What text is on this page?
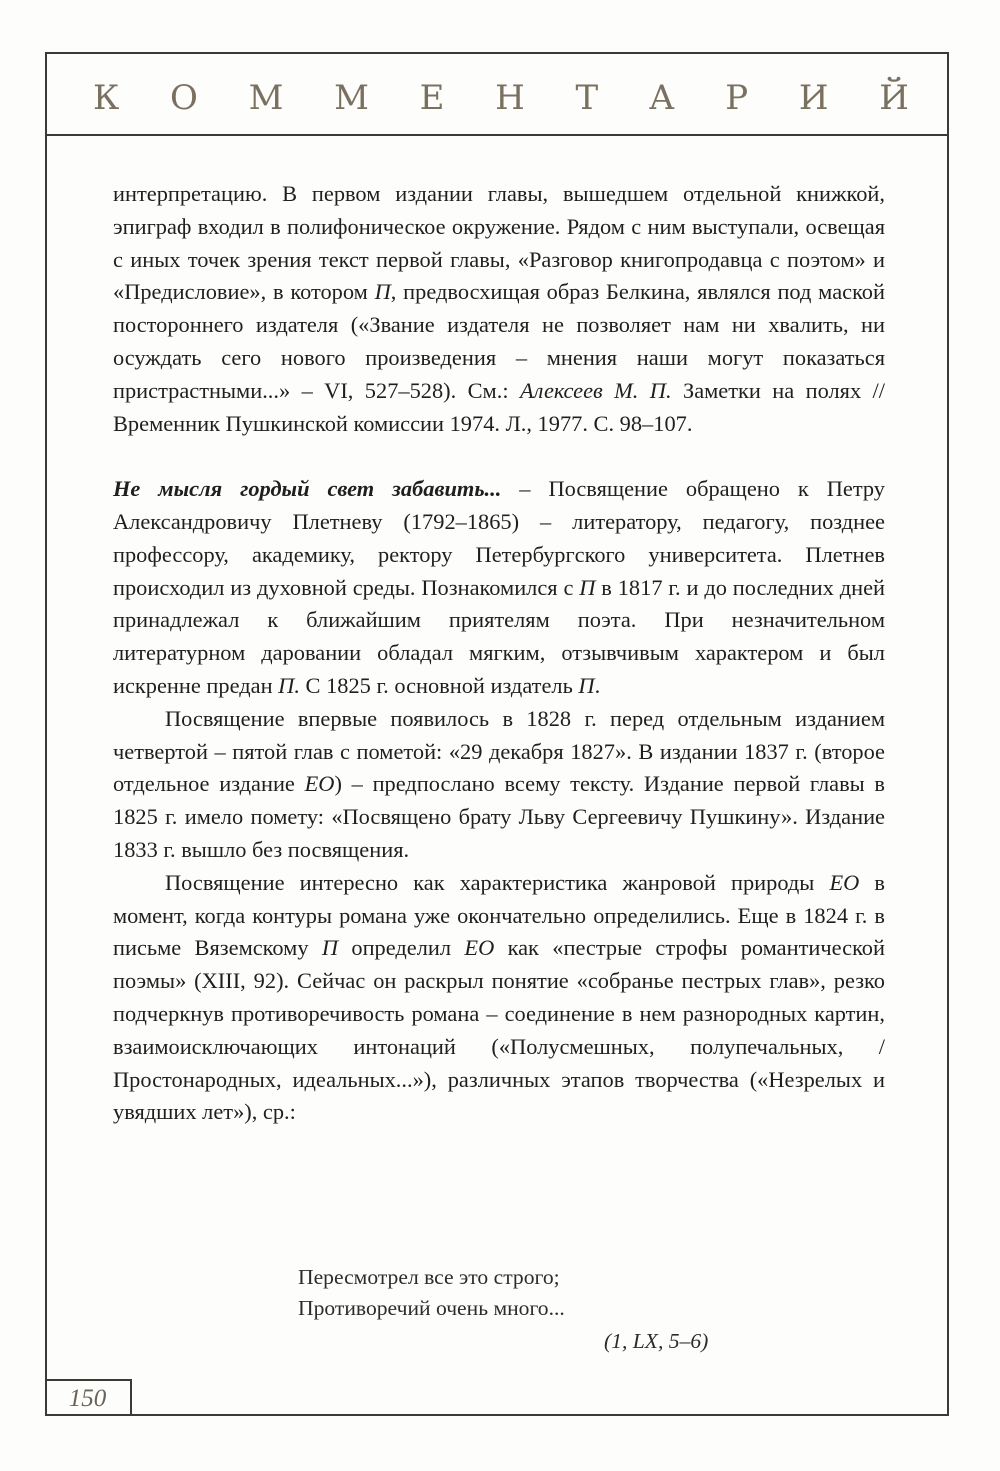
К О М М Е Н Т А Р И Й

интерпретацию. В первом издании главы, вышедшем отдельной книжкой, эпиграф входил в полифоническое окружение. Рядом с ним выступали, освещая с иных точек зрения текст первой главы, «Разговор книгопродавца с поэтом» и «Предисловие», в котором П, предвосхищая образ Белкина, являлся под маской постороннего издателя («Звание издателя не позволяет нам ни хвалить, ни осуждать сего нового произведения – мнения наши могут показаться пристрастными...» – VI, 527–528). См.: Алексеев М. П. Заметки на полях // Временник Пушкинской комиссии 1974. Л., 1977. С. 98–107.

Не мысля гордый свет забавить... – Посвящение обращено к Петру Александровичу Плетневу (1792–1865) – литератору, педагогу, позднее профессору, академику, ректору Петербургского университета. Плетнев происходил из духовной среды. Познакомился с П в 1817 г. и до последних дней принадлежал к ближайшим приятелям поэта. При незначительном литературном даровании обладал мягким, отзывчивым характером и был искренне предан П. С 1825 г. основной издатель П.

Посвящение впервые появилось в 1828 г. перед отдельным изданием четвертой – пятой глав с пометой: «29 декабря 1827». В издании 1837 г. (второе отдельное издание ЕО) – предпослано всему тексту. Издание первой главы в 1825 г. имело помету: «Посвящено брату Льву Сергеевичу Пушкину». Издание 1833 г. вышло без посвящения.

Посвящение интересно как характеристика жанровой природы ЕО в момент, когда контуры романа уже окончательно определились. Еще в 1824 г. в письме Вяземскому П определил ЕО как «пестрые строфы романтической поэмы» (XIII, 92). Сейчас он раскрыл понятие «собранье пестрых глав», резко подчеркнув противоречивость романа – соединение в нем разнородных картин, взаимоисключающих интонаций («Полусмешных, полупечальных, / Простонародных, идеальных...»), различных этапов творчества («Незрелых и увядших лет»), ср.:

Пересмотрел все это строго;
Противоречий очень много...
(1, LX, 5–6)
150
